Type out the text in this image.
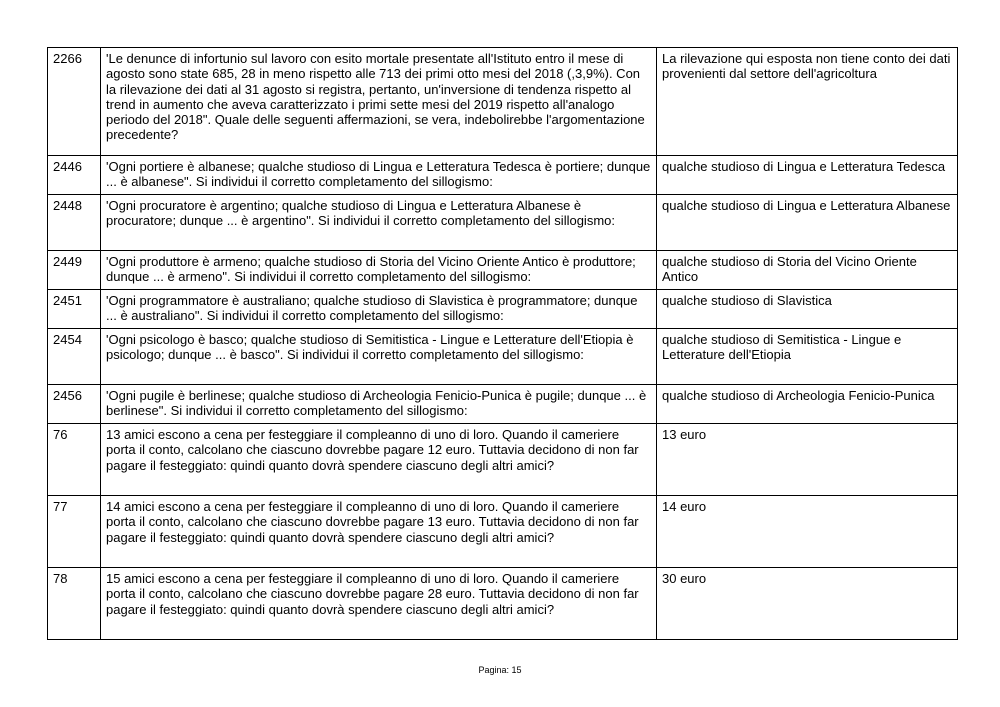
2266	'Le denunce di infortunio sul lavoro con esito mortale presentate all'Istituto entro il mese di agosto sono state 685, 28 in meno rispetto alle 713 dei primi otto mesi del 2018 (,3,9%). Con la rilevazione dei dati al 31 agosto si registra, pertanto, un'inversione di tendenza rispetto al trend in aumento che aveva caratterizzato i primi sette mesi del 2019 rispetto all'analogo periodo del 2018". Quale delle seguenti affermazioni, se vera, indebolirebbe l'argomentazione precedente?	La rilevazione qui esposta non tiene conto dei dati provenienti dal settore dell'agricoltura
2446	'Ogni portiere è albanese; qualche studioso di Lingua e Letteratura Tedesca è portiere; dunque ... è albanese". Si individui il corretto completamento del sillogismo:	qualche studioso di Lingua e Letteratura Tedesca
2448	'Ogni procuratore è argentino; qualche studioso di Lingua e Letteratura Albanese è procuratore; dunque ... è argentino". Si individui il corretto completamento del sillogismo:	qualche studioso di Lingua e Letteratura Albanese
2449	'Ogni produttore è armeno; qualche studioso di Storia del Vicino Oriente Antico è produttore; dunque ... è armeno". Si individui il corretto completamento del sillogismo:	qualche studioso di Storia del Vicino Oriente Antico
2451	'Ogni programmatore è australiano; qualche studioso di Slavistica è programmatore; dunque ... è australiano". Si individui il corretto completamento del sillogismo:	qualche studioso di Slavistica
2454	'Ogni psicologo è basco; qualche studioso di Semitistica - Lingue e Letterature dell'Etiopia è psicologo; dunque ... è basco". Si individui il corretto completamento del sillogismo:	qualche studioso di Semitistica - Lingue e Letterature dell'Etiopia
2456	'Ogni pugile è berlinese; qualche studioso di Archeologia Fenicio-Punica è pugile; dunque ... è berlinese". Si individui il corretto completamento del sillogismo:	qualche studioso di Archeologia Fenicio-Punica
76	13 amici escono a cena per festeggiare il compleanno di uno di loro. Quando il cameriere porta il conto, calcolano che ciascuno dovrebbe pagare 12 euro. Tuttavia decidono di non far pagare il festeggiato: quindi quanto dovrà spendere ciascuno degli altri amici?	13 euro
77	14 amici escono a cena per festeggiare il compleanno di uno di loro. Quando il cameriere porta il conto, calcolano che ciascuno dovrebbe pagare 13 euro. Tuttavia decidono di non far pagare il festeggiato: quindi quanto dovrà spendere ciascuno degli altri amici?	14 euro
78	15 amici escono a cena per festeggiare il compleanno di uno di loro. Quando il cameriere porta il conto, calcolano che ciascuno dovrebbe pagare 28 euro. Tuttavia decidono di non far pagare il festeggiato: quindi quanto dovrà spendere ciascuno degli altri amici?	30 euro
Pagina: 15
